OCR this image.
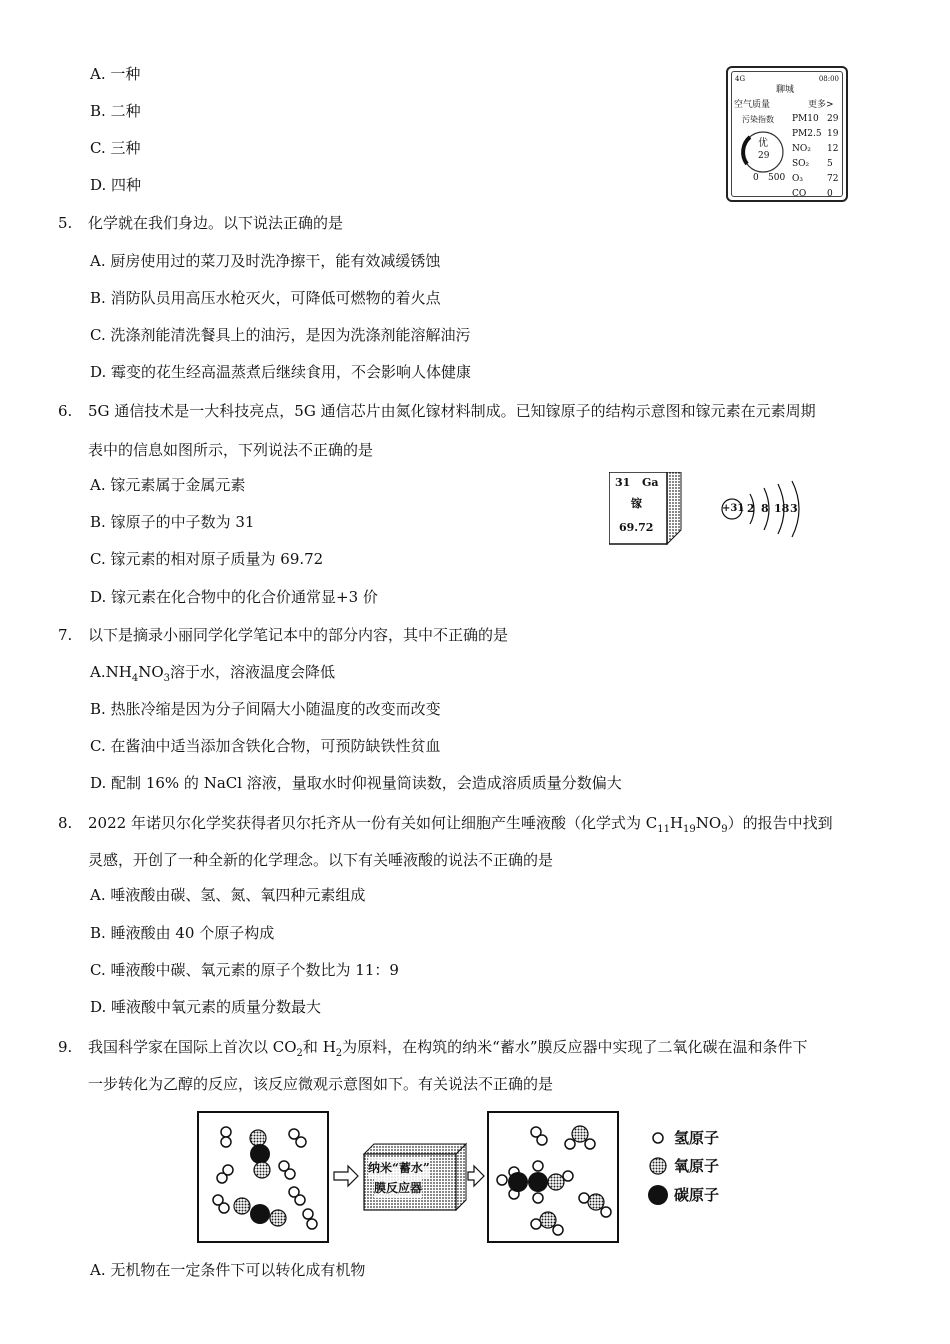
A. 一种
B. 二种
C. 三种
D. 四种
4G	08:00
聊城
空气质量	更多>
污染指数
优
29
0 500
PM10 29
PM2.5 19
NO₂ 12
SO₂ 5
O₃	72
CO 0
5. 化学就在我们身边。以下说法正确的是
A. 厨房使用过的菜刀及时洗净擦干，能有效减缓锈蚀
B. 消防队员用高压水枪灭火，可降低可燃物的着火点
C. 洗涤剂能清洗餐具上的油污，是因为洗涤剂能溶解油污
D. 霉变的花生经高温蒸煮后继续食用，不会影响人体健康
6. 5G 通信技术是一大科技亮点，5G 通信芯片由氮化镓材料制成。已知镓原子的结构示意图和镓元素在元素周期
表中的信息如图所示，下列说法不正确的是
A. 镓元素属于金属元素
B. 镓原子的中子数为 31
C. 镓元素的相对原子质量为 69.72
D. 镓元素在化合物中的化合价通常显+3 价
31 Ga
镓
69.72
+31 2 8 18 3
7. 以下是摘录小丽同学化学笔记本中的部分内容，其中不正确的是
$A.NH_4NO_3$溶于水，溶液温度会降低
B. 热胀冷缩是因为分子间隔大小随温度的改变而改变
C. 在酱油中适当添加含铁化合物，可预防缺铁性贫血
D. 配制 16% 的 NaCl 溶液，量取水时仰视量筒读数，会造成溶质质量分数偏大
8. 2022 年诺贝尔化学奖获得者贝尔托齐从一份有关如何让细胞产生唾液酸（化学式为 $C_{11}H_{19}NO_9$）的报告中找到
灵感，开创了一种全新的化学理念。以下有关唾液酸的说法不正确的是
A. 唾液酸由碳、氢、氮、氧四种元素组成
B. 睡液酸由 40 个原子构成
C. 唾液酸中碳、氧元素的原子个数比为 11：9
D. 唾液酸中氧元素的质量分数最大
9. 我国科学家在国际上首次以 $CO_2$和 $H_2$为原料，在构筑的纳米“蓄水”膜反应器中实现了二氧化碳在温和条件下
一步转化为乙醇的反应，该反应微观示意图如下。有关说法不正确的是
纳米“蓄水”
膜反应器
氢原子
氧原子
碳原子
A. 无机物在一定条件下可以转化成有机物
